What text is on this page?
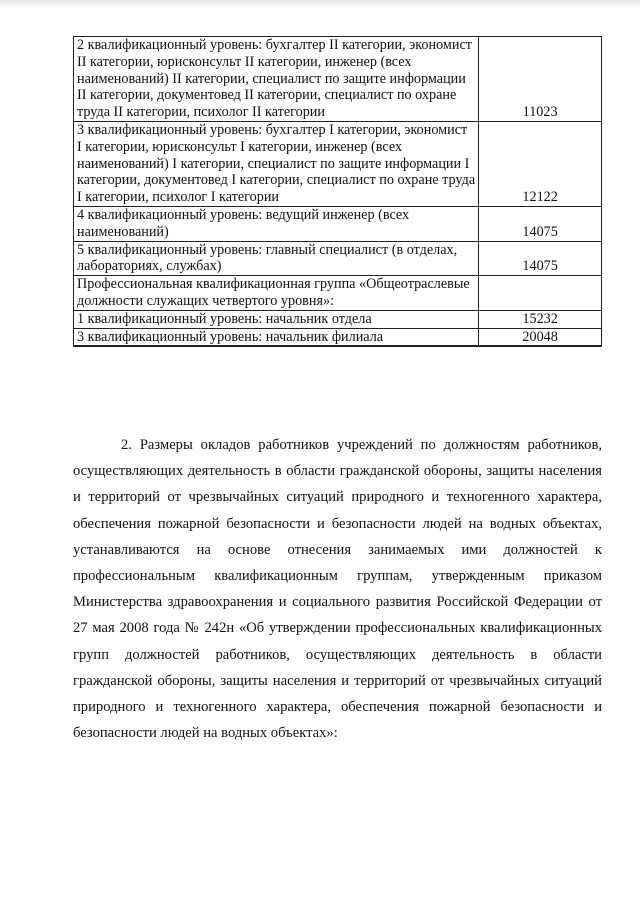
2 квалификационный уровень: бухгалтер II категории, экономист II категории, юрисконсульт II категории, инженер (всех наименований) II категории, специалист по защите информации II категории, документовед II категории, специалист по охране труда II категории, психолог II категории	11023
3 квалификационный уровень: бухгалтер I категории, экономист I категории, юрисконсульт I категории, инженер (всех наименований) I категории, специалист по защите информации I категории, документовед I категории, специалист по охране труда I категории, психолог I категории	12122
4 квалификационный уровень: ведущий инженер (всех наименований)	14075
5 квалификационный уровень: главный специалист (в отделах, лабораториях, службах)	14075
Профессиональная квалификационная группа «Общеотраслевые должности служащих четвертого уровня»:	
1 квалификационный уровень: начальник отдела	15232
3 квалификационный уровень: начальник филиала	20048

2. Размеры окладов работников учреждений по должностям работников, осуществляющих деятельность в области гражданской обороны, защиты населения и территорий от чрезвычайных ситуаций природного и техногенного характера, обеспечения пожарной безопасности и безопасности людей на водных объектах, устанавливаются на основе отнесения занимаемых ими должностей к профессиональным квалификационным группам, утвержденным приказом Министерства здравоохранения и социального развития Российской Федерации от 27 мая 2008 года № 242н «Об утверждении профессиональных квалификационных групп должностей работников, осуществляющих деятельность в области гражданской обороны, защиты населения и территорий от чрезвычайных ситуаций природного и техногенного характера, обеспечения пожарной безопасности и безопасности людей на водных объектах»:
